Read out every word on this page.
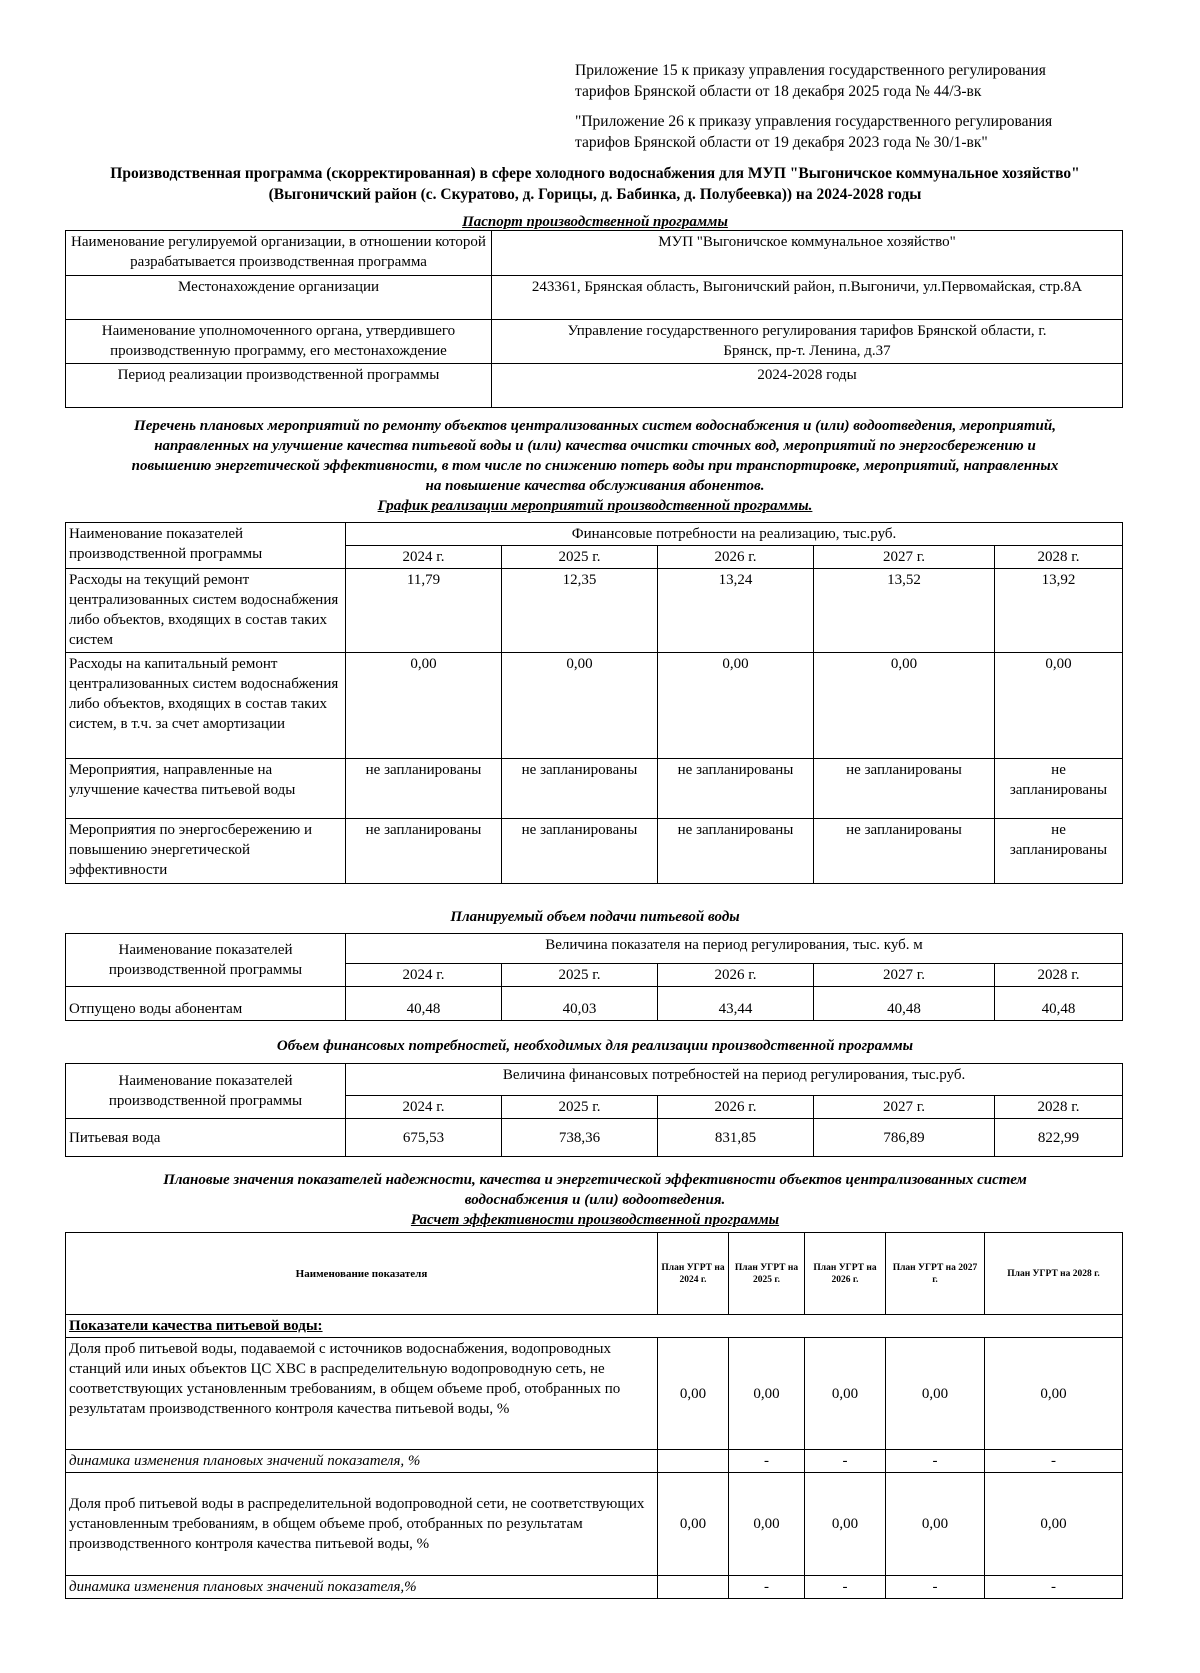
Приложение 15 к приказу управления государственного регулирования
тарифов Брянской области от 18 декабря 2025 года № 44/3-вк
"Приложение 26 к приказу управления государственного регулирования
тарифов Брянской области от 19 декабря 2023 года № 30/1-вк"
Производственная программа (скорректированная) в сфере холодного водоснабжения для МУП "Выгоничское коммунальное хозяйство"
(Выгоничский район (с. Скуратово, д. Горицы, д. Бабинка, д. Полубеевка)) на 2024-2028 годы
Паспорт производственной программы
Наименование регулируемой организации, в отношении которой разрабатывается производственная программа	МУП "Выгоничское коммунальное хозяйство"
Местонахождение организации	243361, Брянская область, Выгоничский район, п.Выгоничи, ул.Первомайская, стр.8А
Наименование уполномоченного органа, утвердившего производственную программу, его местонахождение	Управление государственного регулирования тарифов Брянской области, г. Брянск, пр-т. Ленина, д.37
Период реализации производственной программы	2024-2028 годы
Перечень плановых мероприятий по ремонту объектов централизованных систем водоснабжения и (или) водоотведения, мероприятий,
направленных на улучшение качества питьевой воды и (или) качества очистки сточных вод, мероприятий по энергосбережению и
повышению энергетической эффективности, в том числе по снижению потерь воды при транспортировке, мероприятий, направленных
на повышение качества обслуживания абонентов.
График реализации мероприятий производственной программы.
Наименование показателей производственной программы	Финансовые потребности на реализацию, тыс.руб.				
	2024 г.	2025 г.	2026 г.	2027 г.	2028 г.
Расходы на текущий ремонт централизованных систем водоснабжения либо объектов, входящих в состав таких систем	11,79	12,35	13,24	13,52	13,92
Расходы на капитальный ремонт централизованных систем водоснабжения либо объектов, входящих в состав таких систем, в т.ч. за счет амортизации	0,00	0,00	0,00	0,00	0,00
Мероприятия, направленные на улучшение качества питьевой воды	не запланированы	не запланированы	не запланированы	не запланированы	не запланированы
Мероприятия по энергосбережению и повышению энергетической эффективности	не запланированы	не запланированы	не запланированы	не запланированы	не запланированы
Планируемый объем подачи питьевой воды
Наименование показателей производственной программы	Величина показателя на период регулирования, тыс. куб. м				
	2024 г.	2025 г.	2026 г.	2027 г.	2028 г.
Отпущено воды абонентам	40,48	40,03	43,44	40,48	40,48
Объем финансовых потребностей, необходимых для реализации производственной программы
Наименование показателей производственной программы	Величина финансовых потребностей на период регулирования, тыс.руб.				
	2024 г.	2025 г.	2026 г.	2027 г.	2028 г.
Питьевая вода	675,53	738,36	831,85	786,89	822,99
Плановые значения показателей надежности, качества и энергетической эффективности объектов централизованных систем
водоснабжения и (или) водоотведения.
Расчет эффективности производственной программы
Наименование показателя	План УГРТ на 2024 г.	План УГРТ на 2025 г.	План УГРТ на 2026 г.	План УГРТ на 2027 г.	План УГРТ на 2028 г.
Показатели качества питьевой воды:					
Доля проб питьевой воды, подаваемой с источников водоснабжения, водопроводных станций или иных объектов ЦС ХВС в распределительную водопроводную сеть, не соответствующих установленным требованиям, в общем объеме проб, отобранных по результатам производственного контроля качества питьевой воды, %	0,00	0,00	0,00	0,00	0,00
динамика изменения плановых значений показателя, %		-	-	-	-
Доля проб питьевой воды в распределительной водопроводной сети, не соответствующих установленным требованиям, в общем объеме проб, отобранных по результатам производственного контроля качества питьевой воды, %	0,00	0,00	0,00	0,00	0,00
динамика изменения плановых значений показателя,%		-	-	-	-
